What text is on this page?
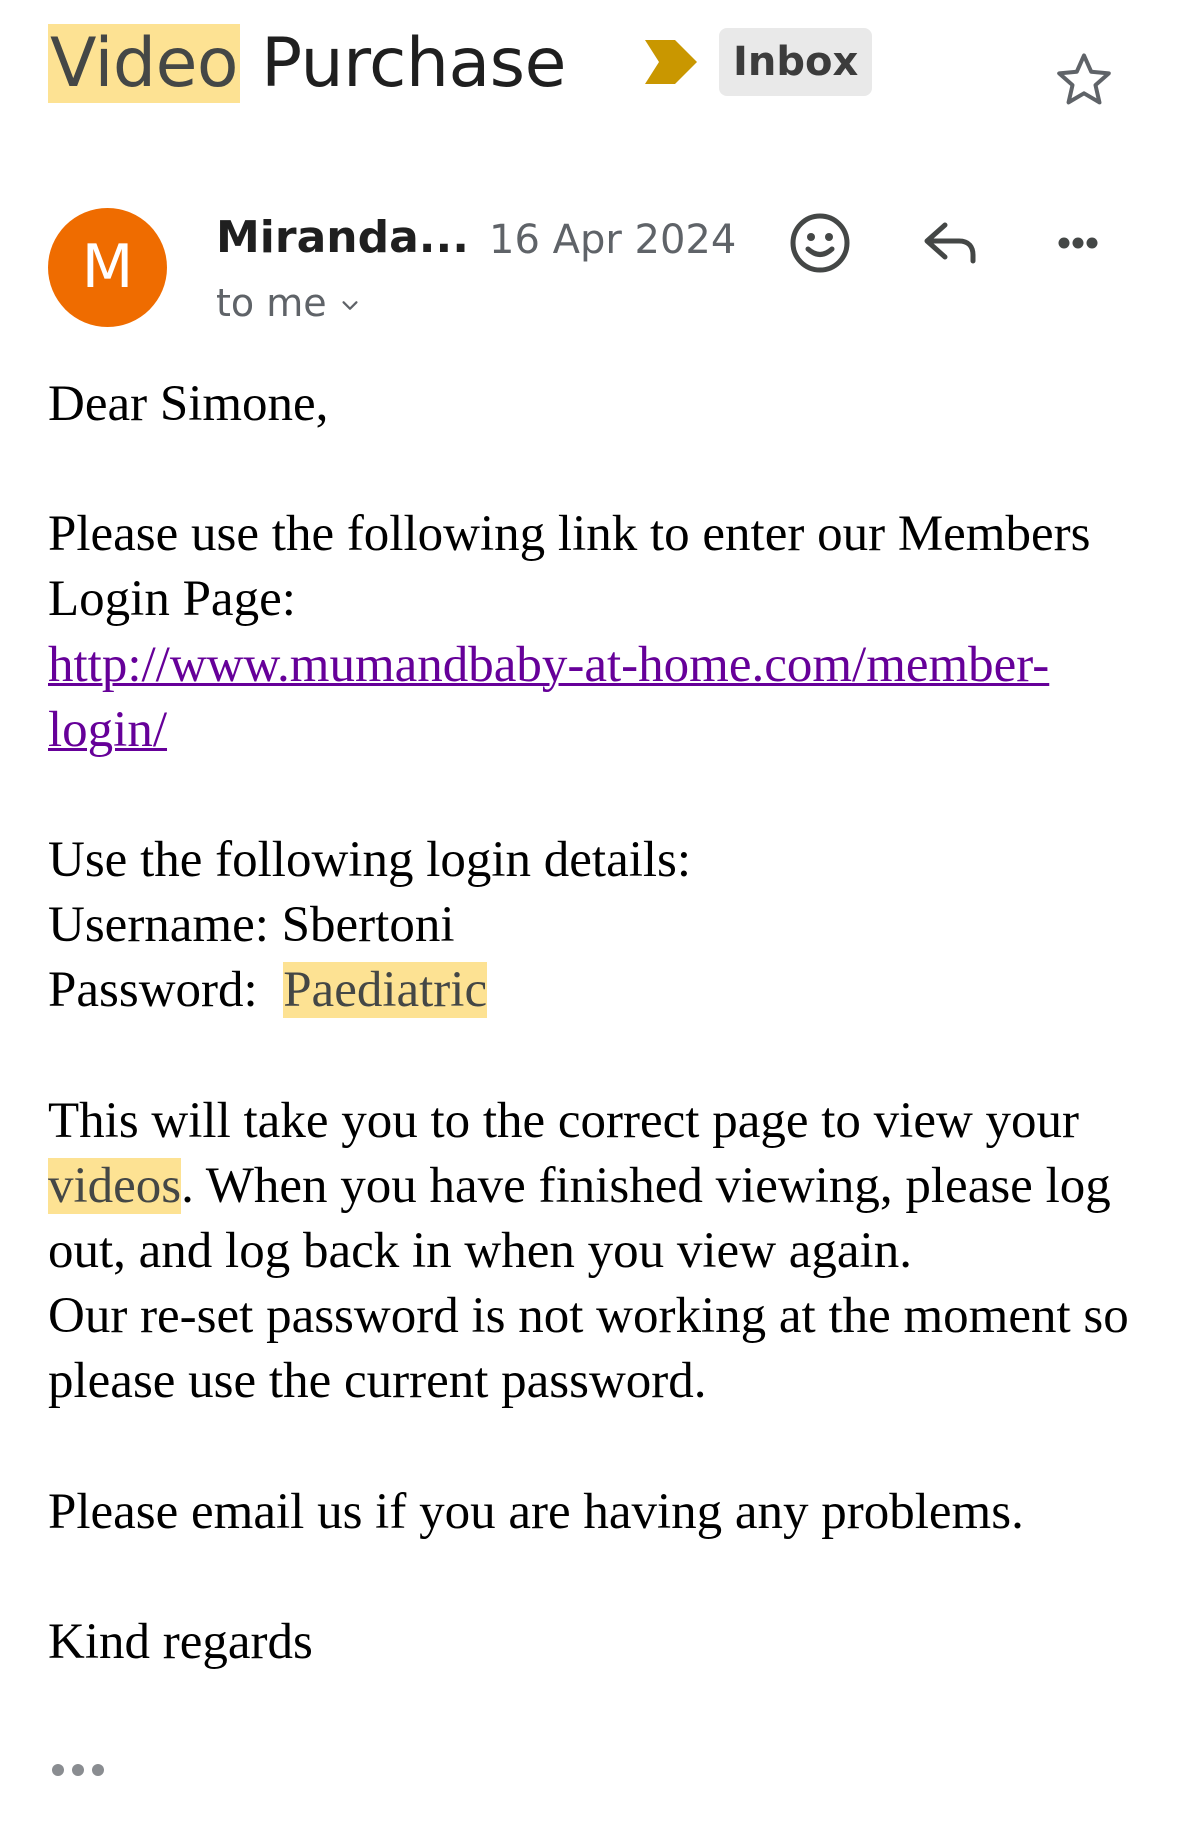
Video Purchase	Inbox
M	Miranda... 16 Apr 2024
to me

Dear Simone,

Please use the following link to enter our Members Login Page:
http://www.mumandbaby-at-home.com/member-login/

Use the following login details:
Username: Sbertoni
Password: Paediatric

This will take you to the correct page to view your videos. When you have finished viewing, please log out, and log back in when you view again.

Our re-set password is not working at the moment so please use the current password.

Please email us if you are having any problems.

Kind regards
